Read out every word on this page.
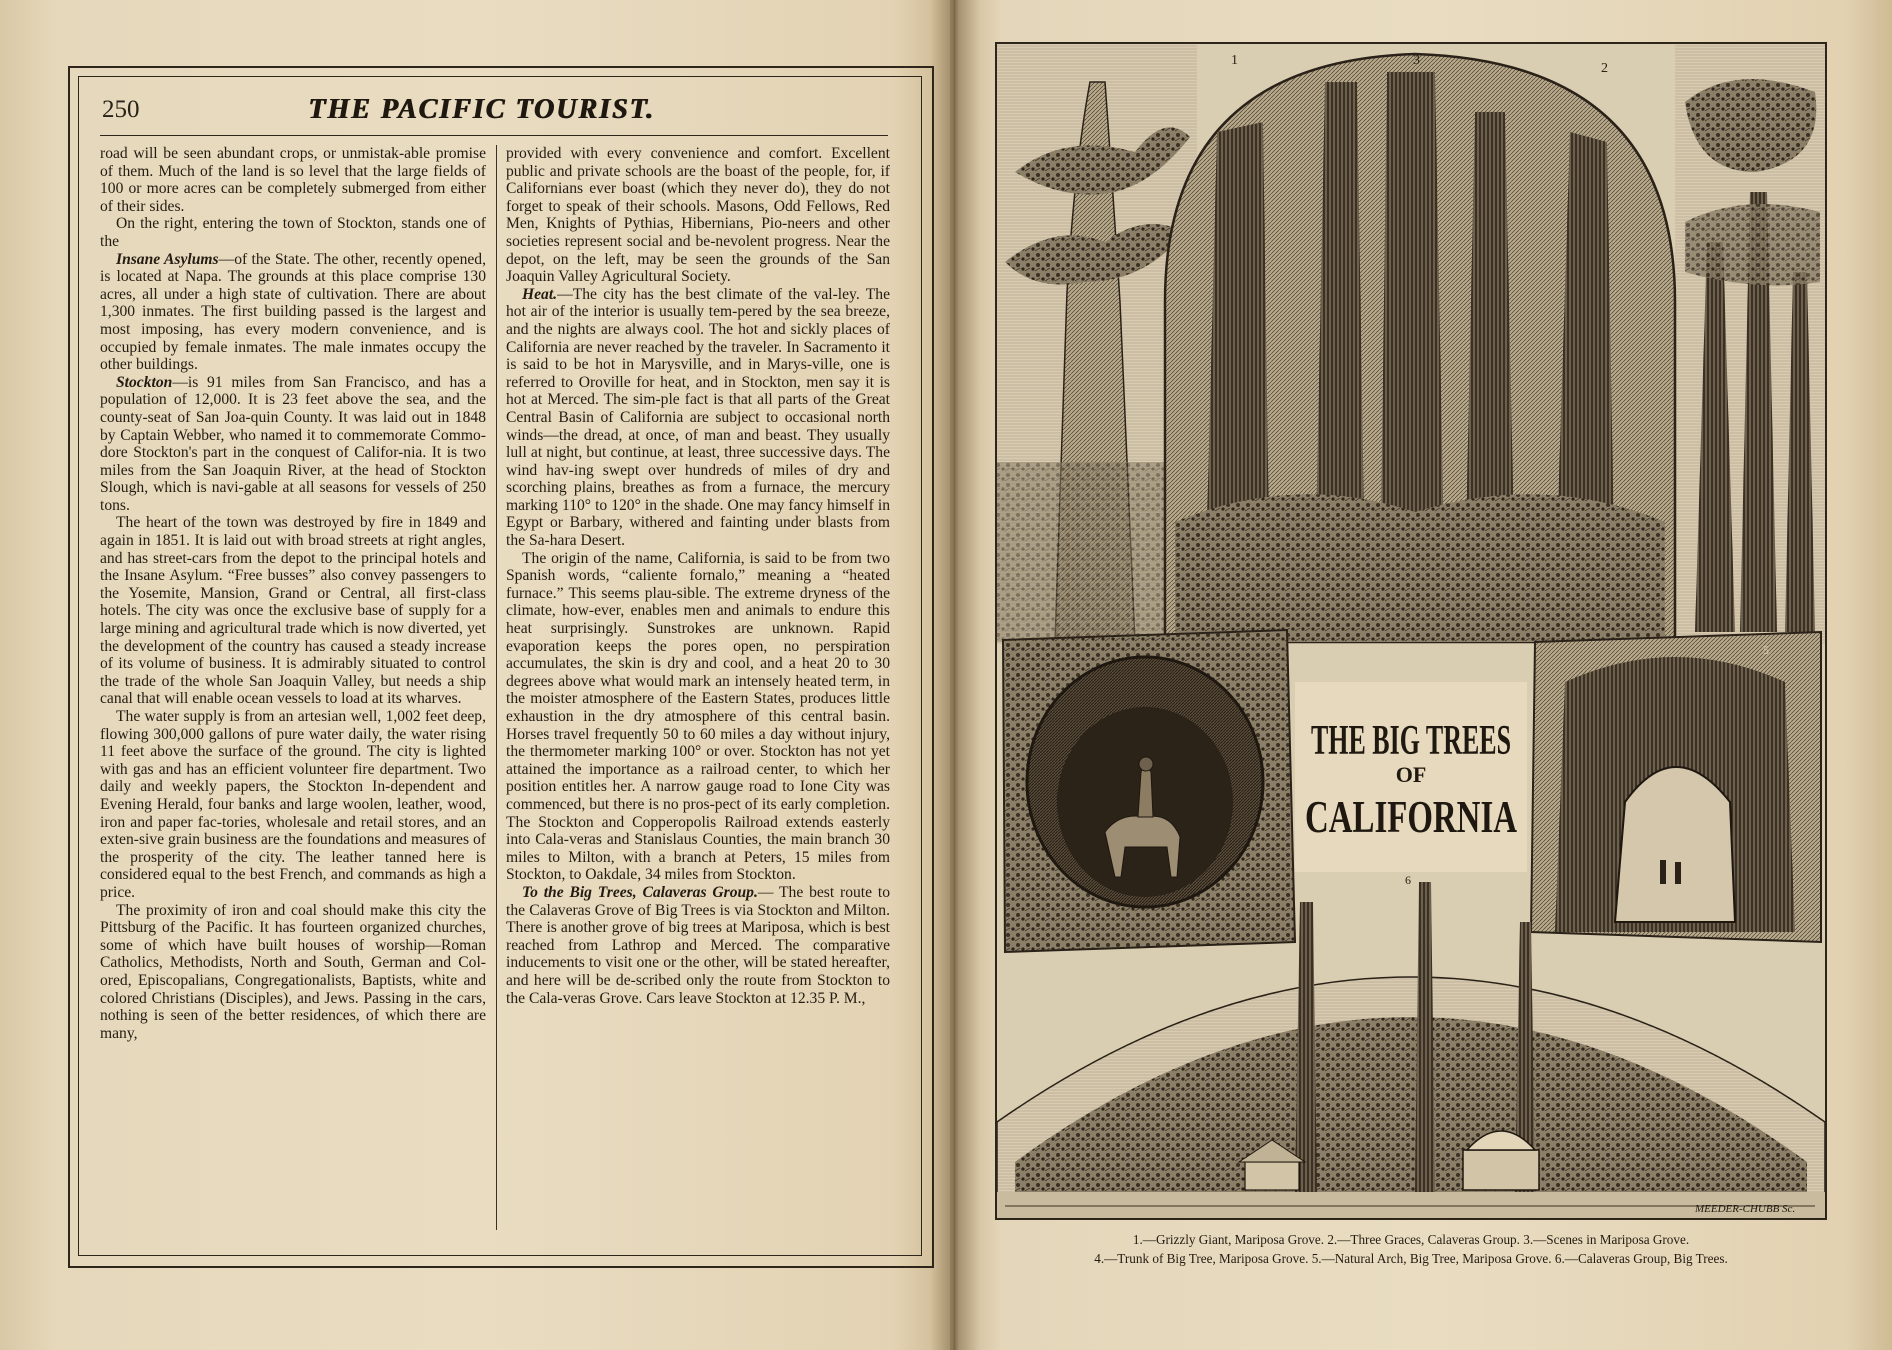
250	THE PACIFIC TOURIST.

road will be seen abundant crops, or unmistak-able promise of them. Much of the land is so level that the large fields of 100 or more acres can be completely submerged from either of their sides.

On the right, entering the town of Stockton, stands one of the

Insane Asylums—of the State. The other, recently opened, is located at Napa. The grounds at this place comprise 130 acres, all under a high state of cultivation. There are about 1,300 inmates. The first building passed is the largest and most imposing, has every modern convenience, and is occupied by female inmates. The male inmates occupy the other buildings.

Stockton—is 91 miles from San Francisco, and has a population of 12,000. It is 23 feet above the sea, and the county-seat of San Joa-quin County. It was laid out in 1848 by Captain Webber, who named it to commemorate Commo-dore Stockton's part in the conquest of Califor-nia. It is two miles from the San Joaquin River, at the head of Stockton Slough, which is navi-gable at all seasons for vessels of 250 tons.

The heart of the town was destroyed by fire in 1849 and again in 1851. It is laid out with broad streets at right angles, and has street-cars from the depot to the principal hotels and the Insane Asylum. “Free busses” also convey passengers to the Yosemite, Mansion, Grand or Central, all first-class hotels. The city was once the exclusive base of supply for a large mining and agricultural trade which is now diverted, yet the development of the country has caused a steady increase of its volume of business. It is admirably situated to control the trade of the whole San Joaquin Valley, but needs a ship canal that will enable ocean vessels to load at its wharves.

The water supply is from an artesian well, 1,002 feet deep, flowing 300,000 gallons of pure water daily, the water rising 11 feet above the surface of the ground. The city is lighted with gas and has an efficient volunteer fire department. Two daily and weekly papers, the Stockton In-dependent and Evening Herald, four banks and large woolen, leather, wood, iron and paper fac-tories, wholesale and retail stores, and an exten-sive grain business are the foundations and measures of the prosperity of the city. The leather tanned here is considered equal to the best French, and commands as high a price.

The proximity of iron and coal should make this city the Pittsburg of the Pacific. It has fourteen organized churches, some of which have built houses of worship—Roman Catholics, Methodists, North and South, German and Col-ored, Episcopalians, Congregationalists, Baptists, white and colored Christians (Disciples), and Jews. Passing in the cars, nothing is seen of the better residences, of which there are many,

provided with every convenience and comfort. Excellent public and private schools are the boast of the people, for, if Californians ever boast (which they never do), they do not forget to speak of their schools. Masons, Odd Fellows, Red Men, Knights of Pythias, Hibernians, Pio-neers and other societies represent social and be-nevolent progress. Near the depot, on the left, may be seen the grounds of the San Joaquin Valley Agricultural Society.

Heat.—The city has the best climate of the val-ley. The hot air of the interior is usually tem-pered by the sea breeze, and the nights are always cool. The hot and sickly places of California are never reached by the traveler. In Sacramento it is said to be hot in Marysville, and in Marys-ville, one is referred to Oroville for heat, and in Stockton, men say it is hot at Merced. The sim-ple fact is that all parts of the Great Central Basin of California are subject to occasional north winds—the dread, at once, of man and beast. They usually lull at night, but continue, at least, three successive days. The wind hav-ing swept over hundreds of miles of dry and scorching plains, breathes as from a furnace, the mercury marking 110° to 120° in the shade. One may fancy himself in Egypt or Barbary, withered and fainting under blasts from the Sa-hara Desert.

The origin of the name, California, is said to be from two Spanish words, “caliente fornalo,” meaning a “heated furnace.” This seems plau-sible. The extreme dryness of the climate, how-ever, enables men and animals to endure this heat surprisingly. Sunstrokes are unknown. Rapid evaporation keeps the pores open, no perspiration accumulates, the skin is dry and cool, and a heat 20 to 30 degrees above what would mark an intensely heated term, in the moister atmosphere of the Eastern States, produces little exhaustion in the dry atmosphere of this central basin. Horses travel frequently 50 to 60 miles a day without injury, the thermometer marking 100° or over. Stockton has not yet attained the importance as a railroad center, to which her position entitles her. A narrow gauge road to Ione City was commenced, but there is no pros-pect of its early completion. The Stockton and Copperopolis Railroad extends easterly into Cala-veras and Stanislaus Counties, the main branch 30 miles to Milton, with a branch at Peters, 15 miles from Stockton, to Oakdale, 34 miles from Stockton.

To the Big Trees, Calaveras Group.— The best route to the Calaveras Grove of Big Trees is via Stockton and Milton. There is another grove of big trees at Mariposa, which is best reached from Lathrop and Merced. The comparative inducements to visit one or the other, will be stated hereafter, and here will be de-scribed only the route from Stockton to the Cala-veras Grove. Cars leave Stockton at 12.35 P. M.,

1	3
2
5
THE BIG TREES
OF
CALIFORNIA
6
MEEDER-CHUBB Sc.
1.—Grizzly Giant, Mariposa Grove. 2.—Three Graces, Calaveras Group. 3.—Scenes in Mariposa Grove.
4.—Trunk of Big Tree, Mariposa Grove. 5.—Natural Arch, Big Tree, Mariposa Grove. 6.—Calaveras Group, Big Trees.
